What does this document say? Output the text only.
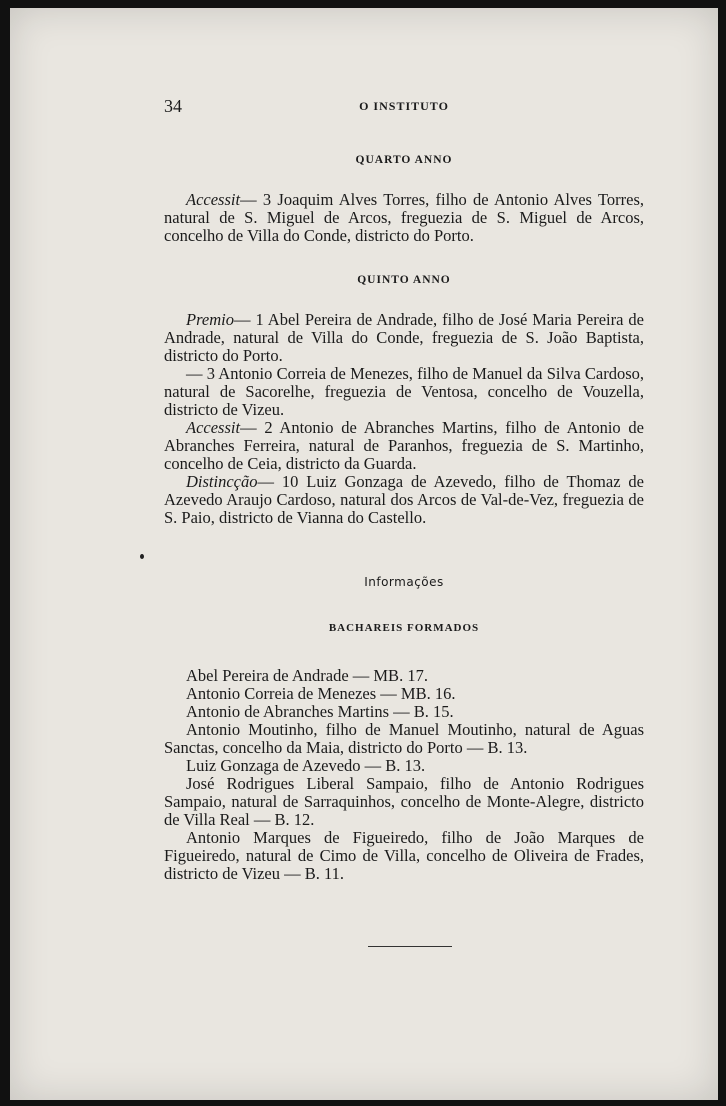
34	O INSTITUTO
QUARTO ANNO

Accessit— 3 Joaquim Alves Torres, filho de Antonio Alves Torres, natural de S. Miguel de Arcos, freguezia de S. Miguel de Arcos, concelho de Villa do Conde, districto do Porto.

QUINTO ANNO

Premio— 1 Abel Pereira de Andrade, filho de José Maria Pereira de Andrade, natural de Villa do Conde, freguezia de S. João Baptista, districto do Porto.

— 3 Antonio Correia de Menezes, filho de Manuel da Silva Cardoso, natural de Sacorelhe, freguezia de Ventosa, concelho de Vouzella, districto de Vizeu.

Accessit— 2 Antonio de Abranches Martins, filho de Antonio de Abranches Ferreira, natural de Paranhos, freguezia de S. Martinho, concelho de Ceia, districto da Guarda.

Distincção— 10 Luiz Gonzaga de Azevedo, filho de Thomaz de Azevedo Araujo Cardoso, natural dos Arcos de Val-de-Vez, freguezia de S. Paio, districto de Vianna do Castello.

Informações
BACHAREIS FORMADOS

Abel Pereira de Andrade — MB. 17.

Antonio Correia de Menezes — MB. 16.

Antonio de Abranches Martins — B. 15.

Antonio Moutinho, filho de Manuel Moutinho, natural de Aguas Sanctas, concelho da Maia, districto do Porto — B. 13.

Luiz Gonzaga de Azevedo — B. 13.

José Rodrigues Liberal Sampaio, filho de Antonio Rodrigues Sampaio, natural de Sarraquinhos, concelho de Monte-Alegre, districto de Villa Real — B. 12.

Antonio Marques de Figueiredo, filho de João Marques de Figueiredo, natural de Cimo de Villa, concelho de Oliveira de Frades, districto de Vizeu — B. 11.
